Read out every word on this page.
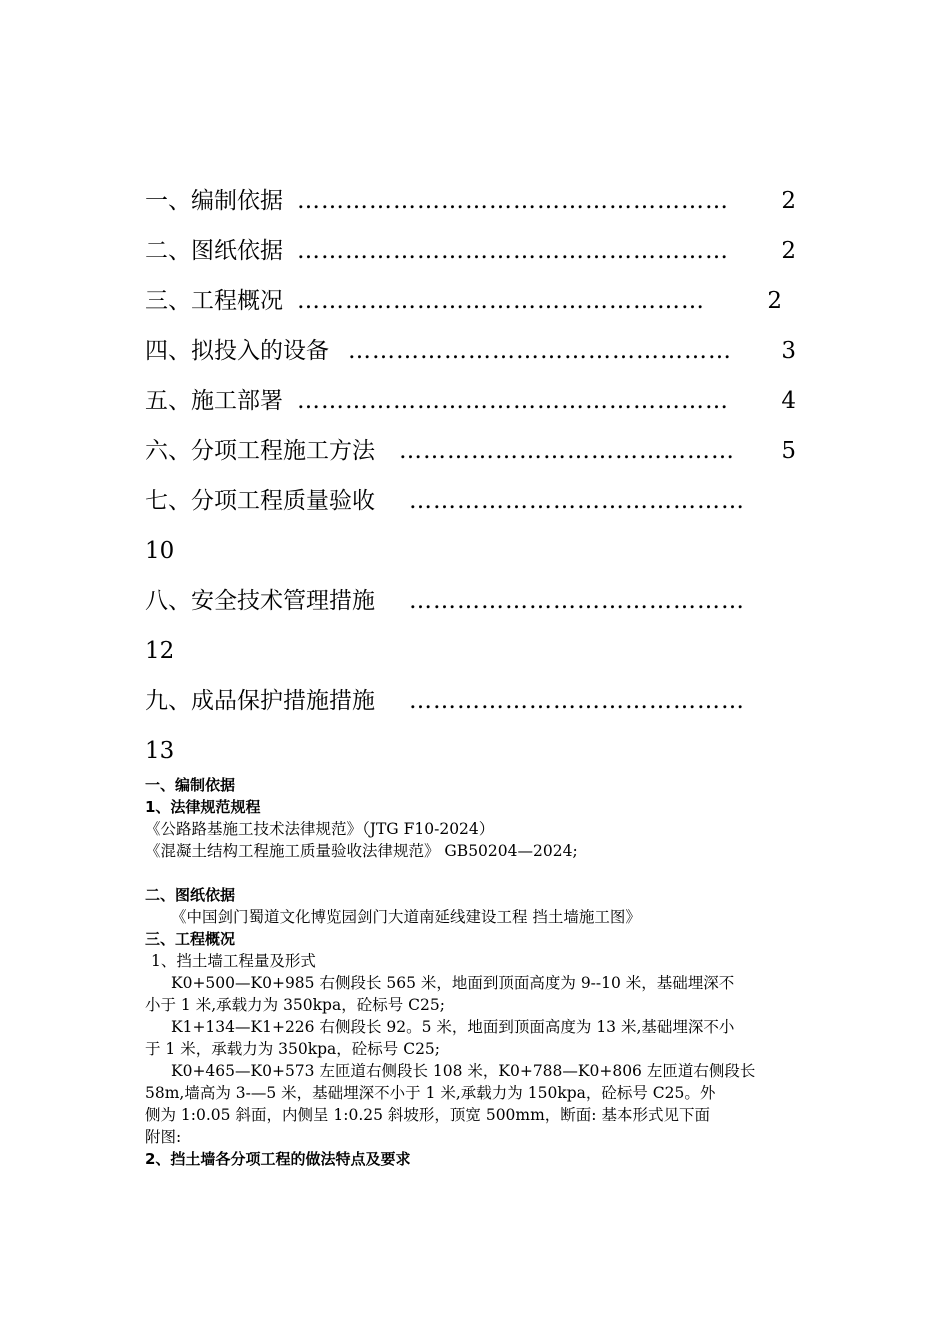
一、编制依据 ………………………………………………	2
二、图纸依据 ………………………………………………	2
三、工程概况 ……………………………………………	2
四、拟投入的设备 …………………………………………	3
五、施工部署 ………………………………………………	4
六、分项工程施工方法 ……………………………………	5
七、分项工程质量验收 ……………………………………
10
八、安全技术管理措施 ……………………………………
12
九、成品保护措施措施 ……………………………………
13
一、编制依据
1、法律规范规程
《公路路基施工技术法律规范》（JTG F10-2024）
《混凝土结构工程施工质量验收法律规范》 GB50204—2024;
二、图纸依据
《中国剑门蜀道文化博览园剑门大道南延线建设工程 挡土墙施工图》
三、工程概况
1、挡土墙工程量及形式
K0+500—K0+985 右侧段长 565 米，地面到顶面高度为 9--10 米，基础埋深不
小于 1 米,承载力为 350kpa，砼标号 C25;
K1+134—K1+226 右侧段长 92。5 米，地面到顶面高度为 13 米,基础埋深不小
于 1 米，承载力为 350kpa，砼标号 C25;
K0+465—K0+573 左匝道右侧段长 108 米，K0+788—K0+806 左匝道右侧段长
58m,墙高为 3-—5 米，基础埋深不小于 1 米,承载力为 150kpa，砼标号 C25。外
侧为 1:0.05 斜面，内侧呈 1:0.25 斜坡形，顶宽 500mm，断面: 基本形式见下面
附图:
2、挡土墙各分项工程的做法特点及要求
